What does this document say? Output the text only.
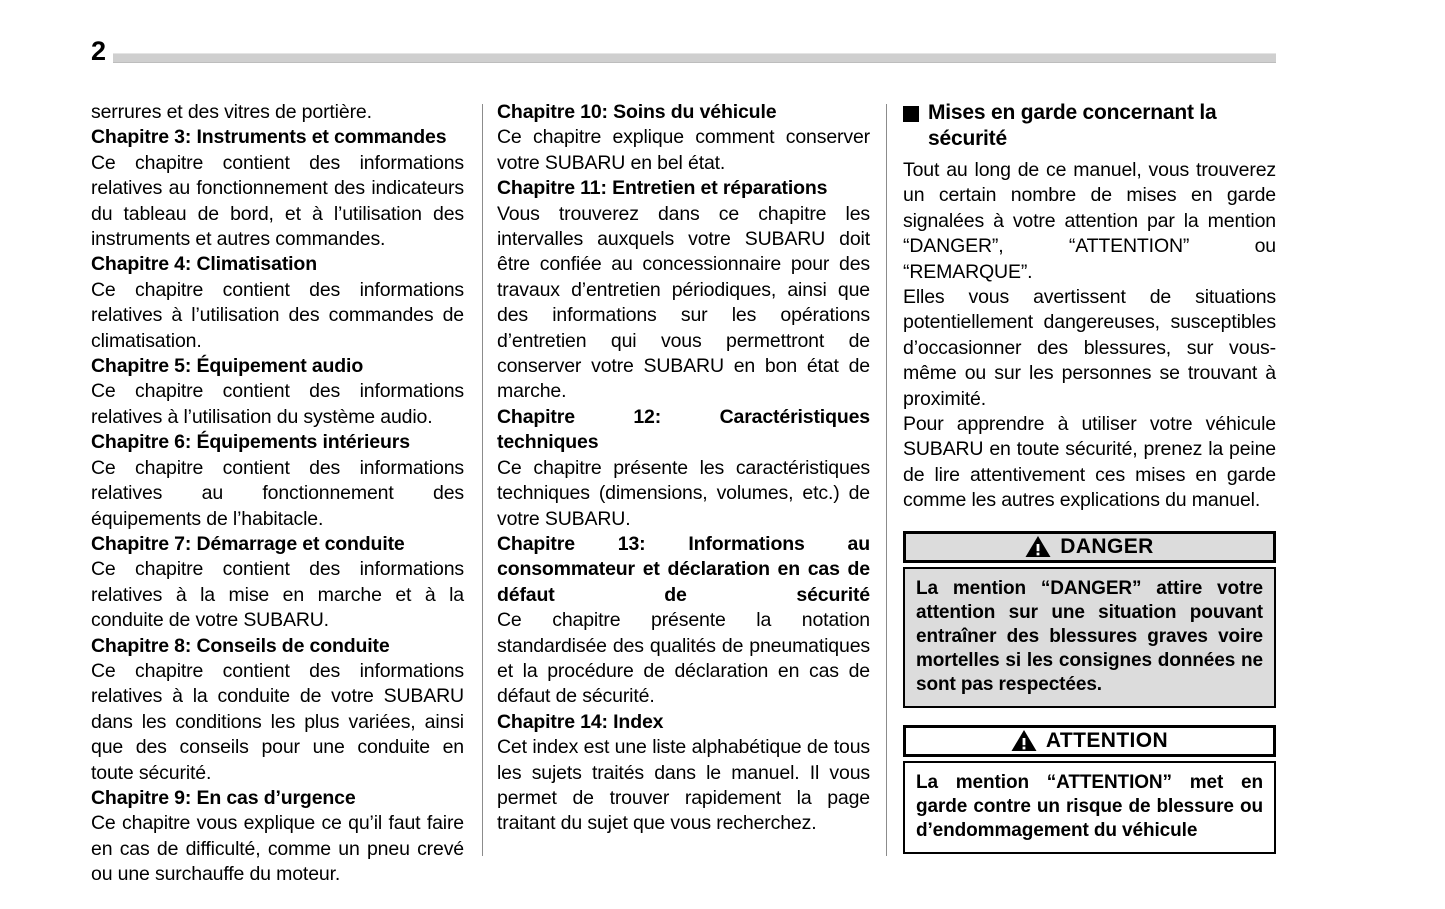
2

serrures et des vitres de portière.

Chapitre 3: Instruments et commandes

Ce chapitre contient des informations relatives au fonctionnement des indicateurs du tableau de bord, et à l’utilisation des instruments et autres commandes.

Chapitre 4: Climatisation

Ce chapitre contient des informations relatives à l’utilisation des commandes de climatisation.

Chapitre 5: Équipement audio

Ce chapitre contient des informations relatives à l’utilisation du système audio.

Chapitre 6: Équipements intérieurs

Ce chapitre contient des informations relatives au fonctionnement des équipements de l’habitacle.

Chapitre 7: Démarrage et conduite

Ce chapitre contient des informations relatives à la mise en marche et à la conduite de votre SUBARU.

Chapitre 8: Conseils de conduite

Ce chapitre contient des informations relatives à la conduite de votre SUBARU dans les conditions les plus variées, ainsi que des conseils pour une conduite en toute sécurité.

Chapitre 9: En cas d’urgence

Ce chapitre vous explique ce qu’il faut faire en cas de difficulté, comme un pneu crevé ou une surchauffe du moteur.

Chapitre 10: Soins du véhicule

Ce chapitre explique comment conserver votre SUBARU en bel état.

Chapitre 11: Entretien et réparations

Vous trouverez dans ce chapitre les intervalles auxquels votre SUBARU doit être confiée au concessionnaire pour des travaux d’entretien périodiques, ainsi que des informations sur les opérations d’entretien qui vous permettront de conserver votre SUBARU en bon état de marche.

Chapitre 12: Caractéristiques techniques

Ce chapitre présente les caractéristiques techniques (dimensions, volumes, etc.) de votre SUBARU.

Chapitre 13: Informations au consommateur et déclaration en cas de défaut de sécurité

Ce chapitre présente la notation standardisée des qualités de pneumatiques et la procédure de déclaration en cas de défaut de sécurité.

Chapitre 14: Index

Cet index est une liste alphabétique de tous les sujets traités dans le manuel. Il vous permet de trouver rapidement la page traitant du sujet que vous recherchez.

Mises en garde concernant la sécurité

Tout au long de ce manuel, vous trouverez un certain nombre de mises en garde signalées à votre attention par la mention “DANGER”, “ATTENTION” ou “REMARQUE”.

Elles vous avertissent de situations potentiellement dangereuses, susceptibles d’occasionner des blessures, sur vous-même ou sur les personnes se trouvant à proximité.

Pour apprendre à utiliser votre véhicule SUBARU en toute sécurité, prenez la peine de lire attentivement ces mises en garde comme les autres explications du manuel.

DANGER

La mention “DANGER” attire votre attention sur une situation pouvant entraîner des blessures graves voire mortelles si les consignes données ne sont pas respectées.

ATTENTION

La mention “ATTENTION” met en garde contre un risque de blessure ou d’endommagement du véhicule
